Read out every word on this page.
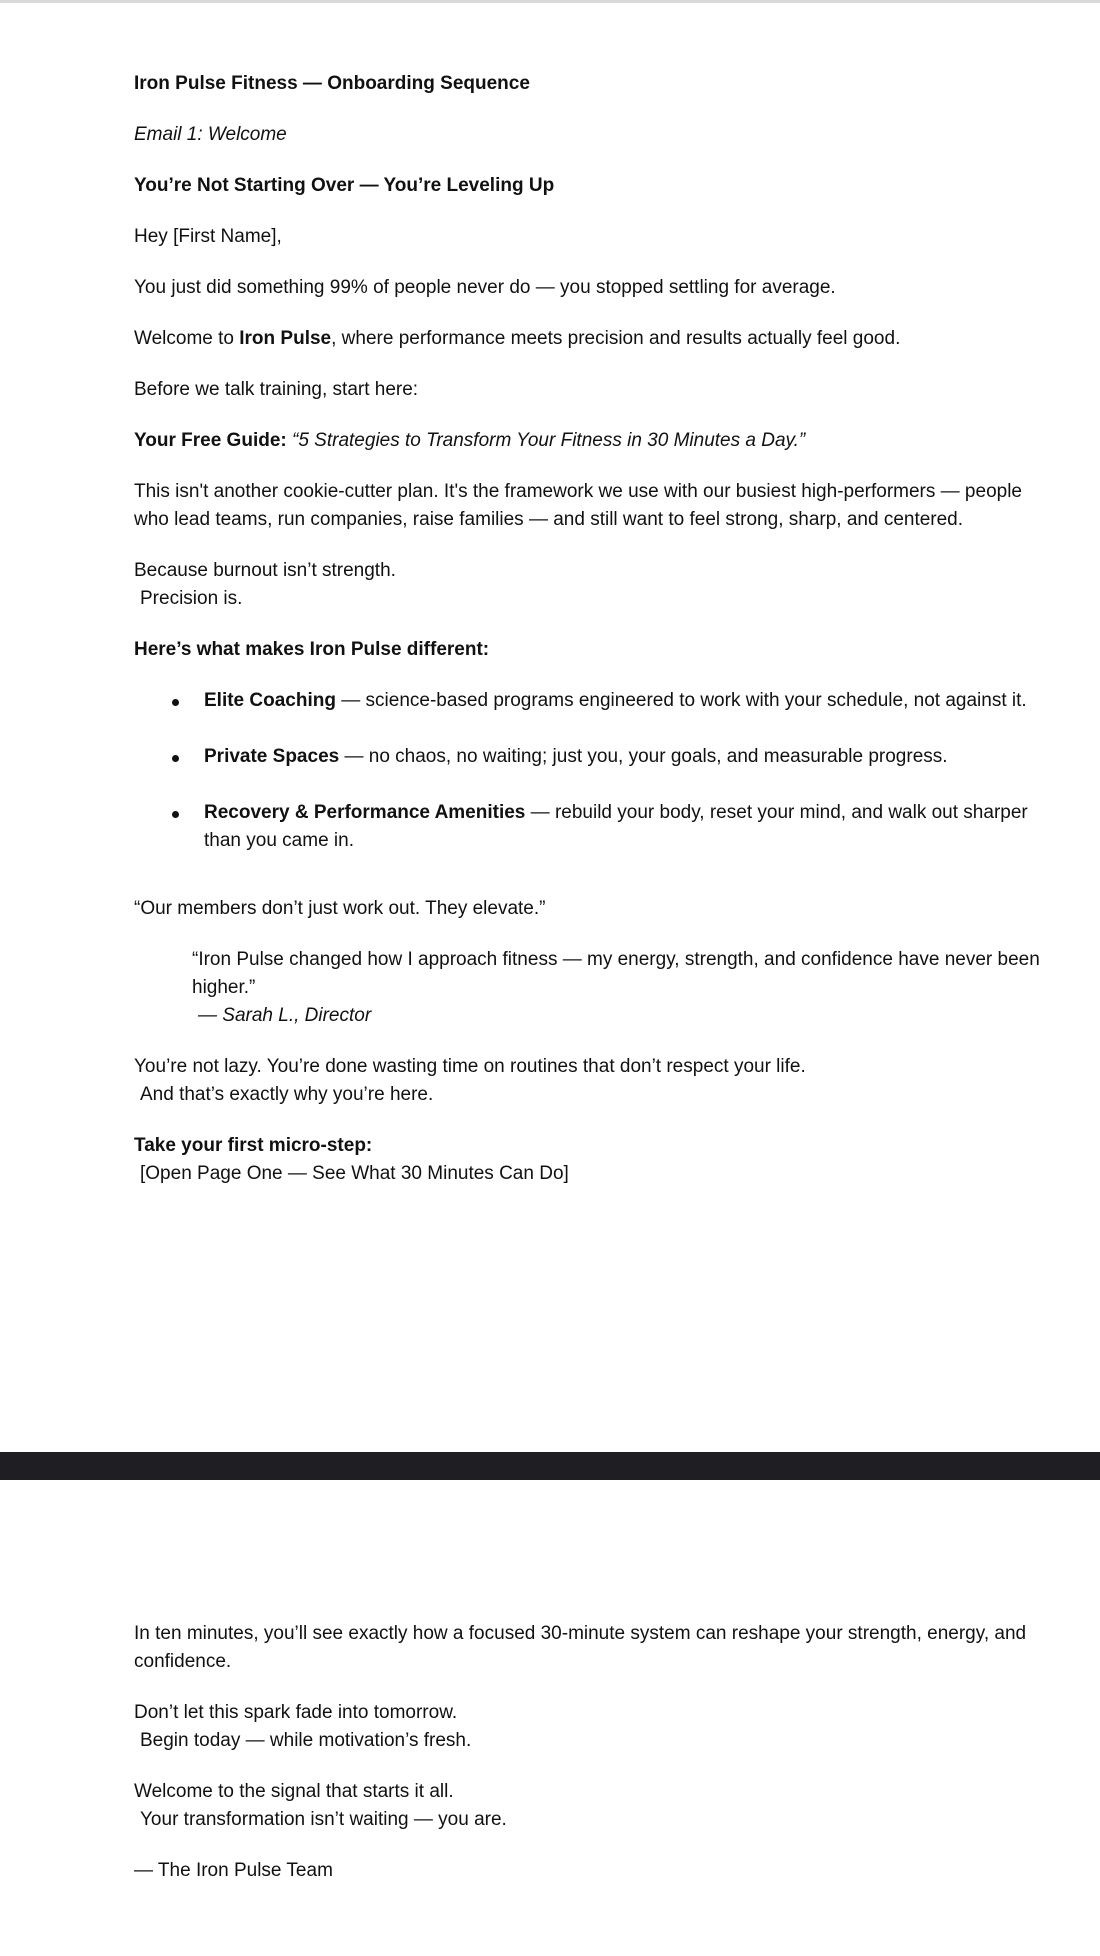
Iron Pulse Fitness — Onboarding Sequence

Email 1: Welcome

You’re Not Starting Over — You’re Leveling Up

Hey [First Name],

You just did something 99% of people never do — you stopped settling for average.

Welcome to Iron Pulse, where performance meets precision and results actually feel good.

Before we talk training, start here:

Your Free Guide: “5 Strategies to Transform Your Fitness in 30 Minutes a Day.”

This isn't another cookie-cutter plan. It's the framework we use with our busiest high-performers — people who lead teams, run companies, raise families — and still want to feel strong, sharp, and centered.

Because burnout isn’t strength.
Precision is.

Here’s what makes Iron Pulse different:

Elite Coaching — science-based programs engineered to work with your schedule, not against it.
Private Spaces — no chaos, no waiting; just you, your goals, and measurable progress.
Recovery & Performance Amenities — rebuild your body, reset your mind, and walk out sharper than you came in.

“Our members don’t just work out. They elevate.”

“Iron Pulse changed how I approach fitness — my energy, strength, and confidence have never been higher.”
— Sarah L., Director

You’re not lazy. You’re done wasting time on routines that don’t respect your life.
And that’s exactly why you’re here.

Take your first micro-step:
[Open Page One — See What 30 Minutes Can Do]

In ten minutes, you’ll see exactly how a focused 30-minute system can reshape your strength, energy, and confidence.

Don’t let this spark fade into tomorrow.
Begin today — while motivation’s fresh.

Welcome to the signal that starts it all.
Your transformation isn’t waiting — you are.

— The Iron Pulse Team
